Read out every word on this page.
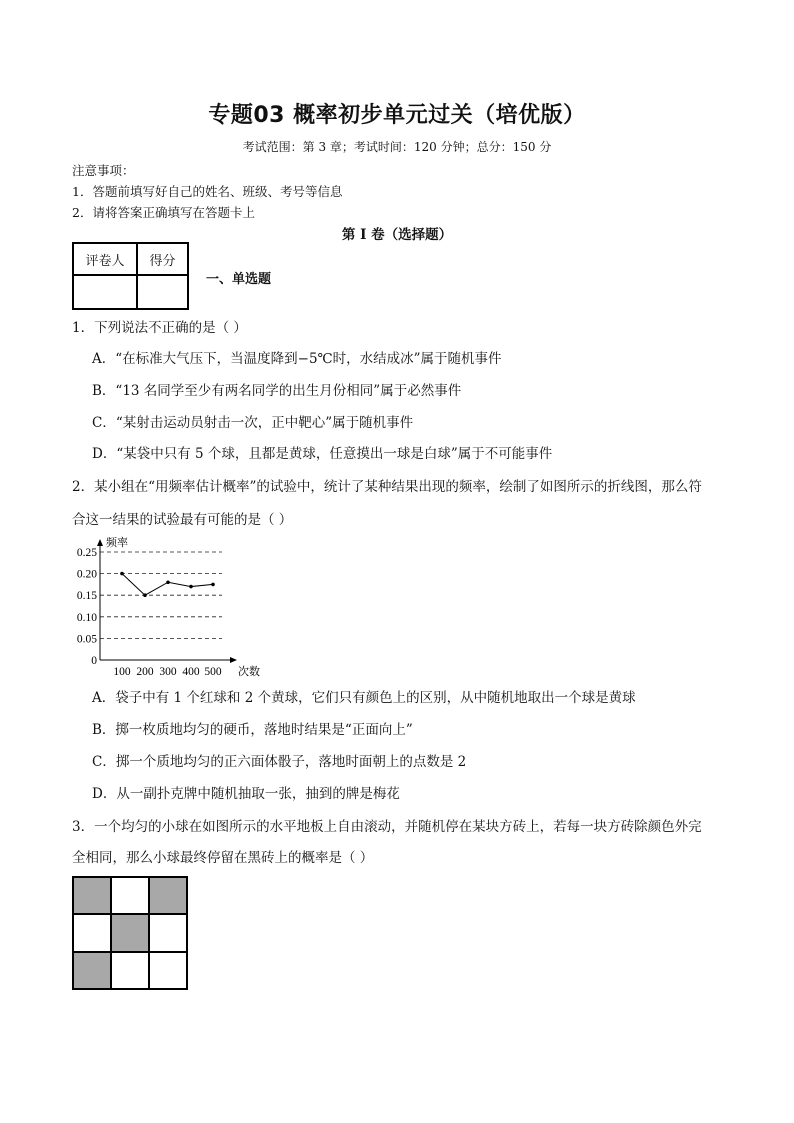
专题03 概率初步单元过关（培优版）
考试范围：第 3 章；考试时间：120 分钟；总分：150 分
注意事项：
1．答题前填写好自己的姓名、班级、考号等信息
2．请将答案正确填写在答题卡上
第 I 卷（选择题）
评卷人	得分

一、单选题
1．下列说法不正确的是（ ）
A．“在标准大气压下，当温度降到−5℃时，水结成冰”属于随机事件
B．“13 名同学至少有两名同学的出生月份相同”属于必然事件
C．“某射击运动员射击一次，正中靶心”属于随机事件
D．“某袋中只有 5 个球，且都是黄球，任意摸出一球是白球”属于不可能事件
2．某小组在“用频率估计概率”的试验中，统计了某种结果出现的频率，绘制了如图所示的折线图，那么符
合这一结果的试验最有可能的是（ ）
0.25
0.20
0.15
0.10
0.05
0
100 200 300 400 500
频率
次数
A．袋子中有 1 个红球和 2 个黄球，它们只有颜色上的区别，从中随机地取出一个球是黄球
B．掷一枚质地均匀的硬币，落地时结果是“正面向上”
C．掷一个质地均匀的正六面体骰子，落地时面朝上的点数是 2
D．从一副扑克牌中随机抽取一张，抽到的牌是梅花
3．一个均匀的小球在如图所示的水平地板上自由滚动，并随机停在某块方砖上，若每一块方砖除颜色外完
全相同，那么小球最终停留在黑砖上的概率是（ ）
